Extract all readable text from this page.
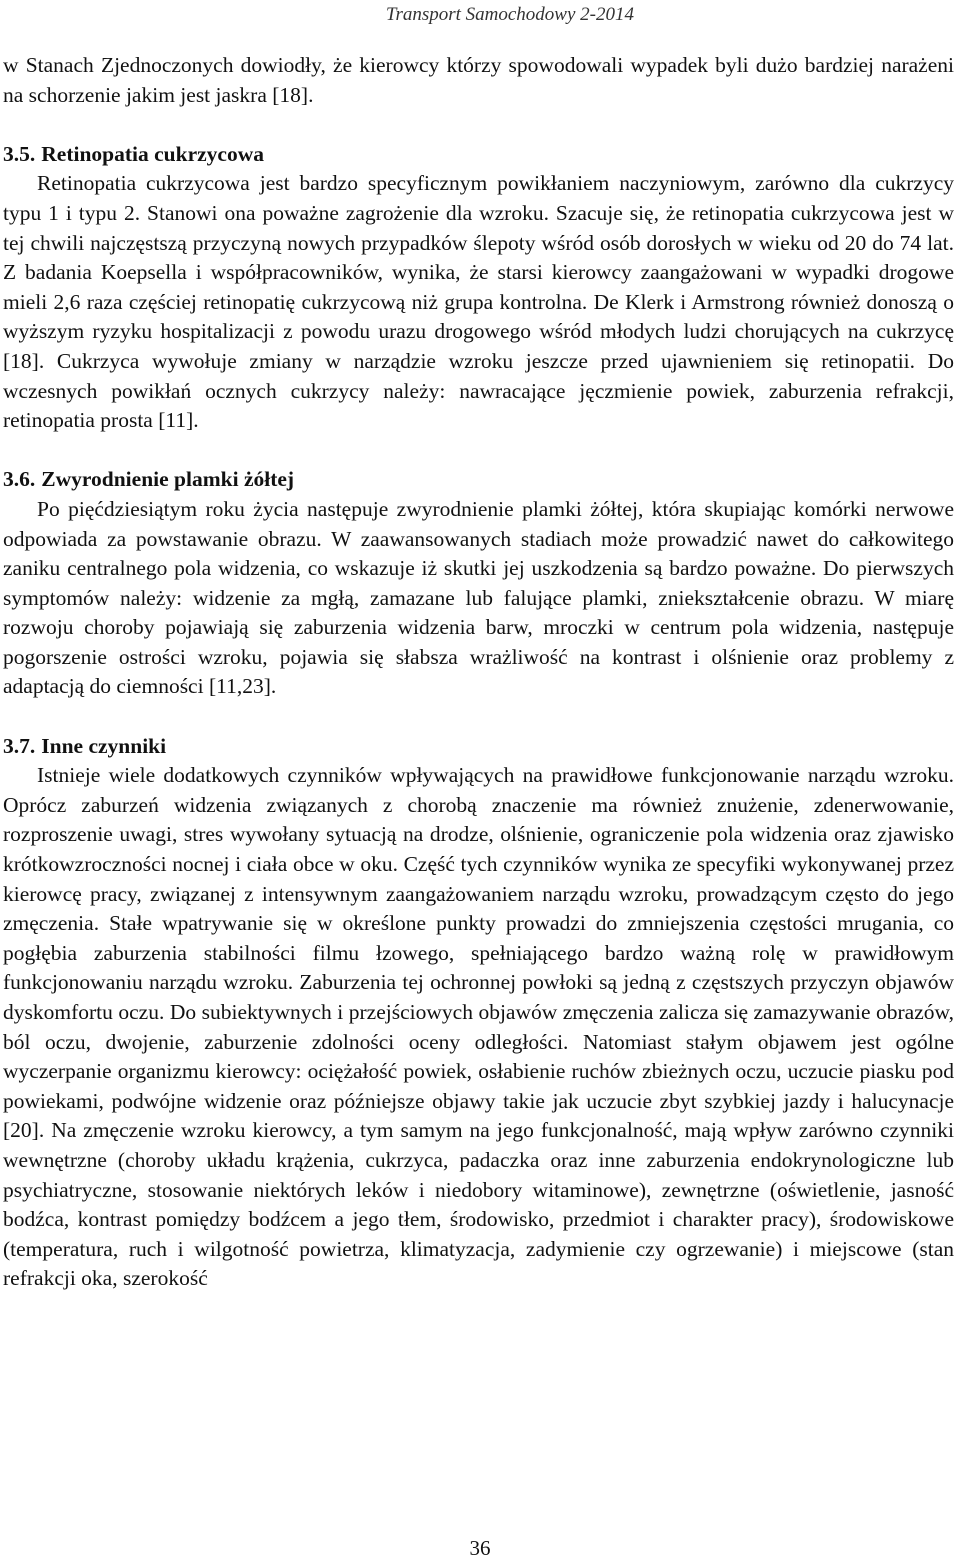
Transport Samochodowy 2-2014

w Stanach Zjednoczonych dowiodły, że kierowcy którzy spowodowali wypadek byli dużo bardziej narażeni na schorzenie jakim jest jaskra [18].

3.5. Retinopatia cukrzycowa

Retinopatia cukrzycowa jest bardzo specyficznym powikłaniem naczyniowym, zarówno dla cukrzycy typu 1 i typu 2. Stanowi ona poważne zagrożenie dla wzroku. Szacuje się, że retinopatia cukrzycowa jest w tej chwili najczęstszą przyczyną nowych przypadków ślepoty wśród osób dorosłych w wieku od 20 do 74 lat. Z badania Koepsella i współpracowników, wynika, że starsi kierowcy zaangażowani w wypadki drogowe mieli 2,6 raza częściej retinopatię cukrzycową niż grupa kontrolna. De Klerk i Armstrong również donoszą o wyższym ryzyku hospitalizacji z powodu urazu drogowego wśród młodych ludzi chorujących na cukrzycę [18]. Cukrzyca wywołuje zmiany w narządzie wzroku jeszcze przed ujawnieniem się retinopatii. Do wczesnych powikłań ocznych cukrzycy należy: nawracające jęczmienie powiek, zaburzenia refrakcji, retinopatia prosta [11].

3.6. Zwyrodnienie plamki żółtej

Po pięćdziesiątym roku życia następuje zwyrodnienie plamki żółtej, która skupiając komórki nerwowe odpowiada za powstawanie obrazu. W zaawansowanych stadiach może prowadzić nawet do całkowitego zaniku centralnego pola widzenia, co wskazuje iż skutki jej uszkodzenia są bardzo poważne. Do pierwszych symptomów należy: widzenie za mgłą, zamazane lub falujące plamki, zniekształcenie obrazu. W miarę rozwoju choroby pojawiają się zaburzenia widzenia barw, mroczki w centrum pola widzenia, następuje pogorszenie ostrości wzroku, pojawia się słabsza wrażliwość na kontrast i olśnienie oraz problemy z adaptacją do ciemności [11,23].

3.7. Inne czynniki

Istnieje wiele dodatkowych czynników wpływających na prawidłowe funkcjonowanie narządu wzroku. Oprócz zaburzeń widzenia związanych z chorobą znaczenie ma również znużenie, zdenerwowanie, rozproszenie uwagi, stres wywołany sytuacją na drodze, olśnienie, ograniczenie pola widzenia oraz zjawisko krótkowzroczności nocnej i ciała obce w oku. Część tych czynników wynika ze specyfiki wykonywanej przez kierowcę pracy, związanej z intensywnym zaangażowaniem narządu wzroku, prowadzącym często do jego zmęczenia. Stałe wpatrywanie się w określone punkty prowadzi do zmniejszenia częstości mrugania, co pogłębia zaburzenia stabilności filmu łzowego, spełniającego bardzo ważną rolę w prawidłowym funkcjonowaniu narządu wzroku. Zaburzenia tej ochronnej powłoki są jedną z częstszych przyczyn objawów dyskomfortu oczu. Do subiektywnych i przejściowych objawów zmęczenia zalicza się zamazywanie obrazów, ból oczu, dwojenie, zaburzenie zdolności oceny odległości. Natomiast stałym objawem jest ogólne wyczerpanie organizmu kierowcy: ociężałość powiek, osłabienie ruchów zbieżnych oczu, uczucie piasku pod powiekami, podwójne widzenie oraz późniejsze objawy takie jak uczucie zbyt szybkiej jazdy i halucynacje [20]. Na zmęczenie wzroku kierowcy, a tym samym na jego funkcjonalność, mają wpływ zarówno czynniki wewnętrzne (choroby układu krążenia, cukrzyca, padaczka oraz inne zaburzenia endokrynologiczne lub psychiatryczne, stosowanie niektórych leków i niedobory witaminowe), zewnętrzne (oświetlenie, jasność bodźca, kontrast pomiędzy bodźcem a jego tłem, środowisko, przedmiot i charakter pracy), środowiskowe (temperatura, ruch i wilgotność powietrza, klimatyzacja, zadymienie czy ogrzewanie) i miejscowe (stan refrakcji oka, szerokość

36
